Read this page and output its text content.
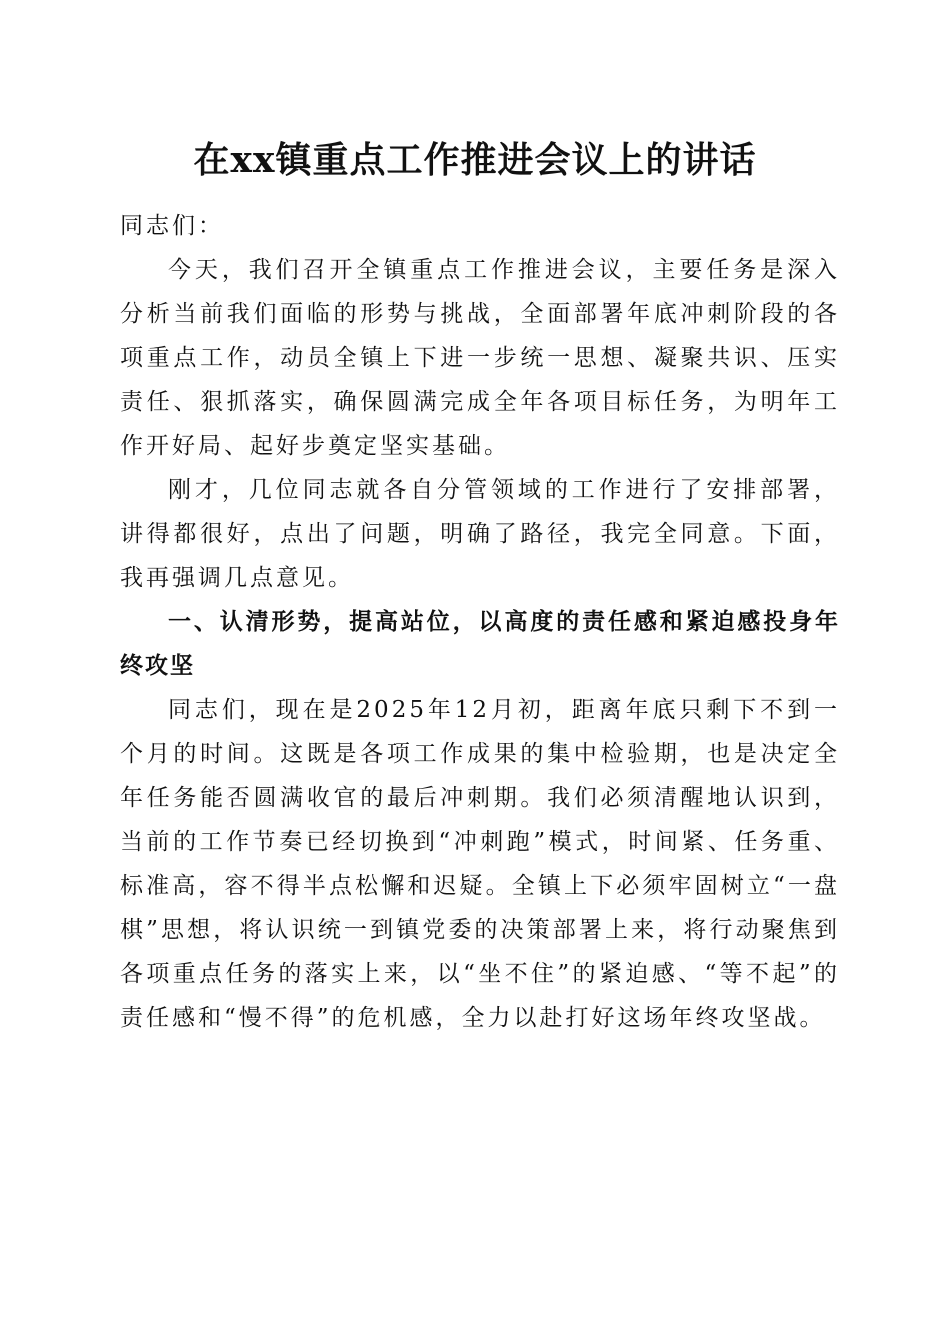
在xx镇重点工作推进会议上的讲话

同志们：

今天，我们召开全镇重点工作推进会议，主要任务是深入分析当前我们面临的形势与挑战，全面部署年底冲刺阶段的各项重点工作，动员全镇上下进一步统一思想、凝聚共识、压实责任、狠抓落实，确保圆满完成全年各项目标任务，为明年工作开好局、起好步奠定坚实基础。

刚才，几位同志就各自分管领域的工作进行了安排部署，讲得都很好，点出了问题，明确了路径，我完全同意。下面，我再强调几点意见。

一、认清形势，提高站位，以高度的责任感和紧迫感投身年终攻坚

同志们，现在是2025年12月初，距离年底只剩下不到一个月的时间。这既是各项工作成果的集中检验期，也是决定全年任务能否圆满收官的最后冲刺期。我们必须清醒地认识到，当前的工作节奏已经切换到“冲刺跑”模式，时间紧、任务重、标准高，容不得半点松懈和迟疑。全镇上下必须牢固树立“一盘棋”思想，将认识统一到镇党委的决策部署上来，将行动聚焦到各项重点任务的落实上来，以“坐不住”的紧迫感、“等不起”的责任感和“慢不得”的危机感，全力以赴打好这场年终攻坚战。
